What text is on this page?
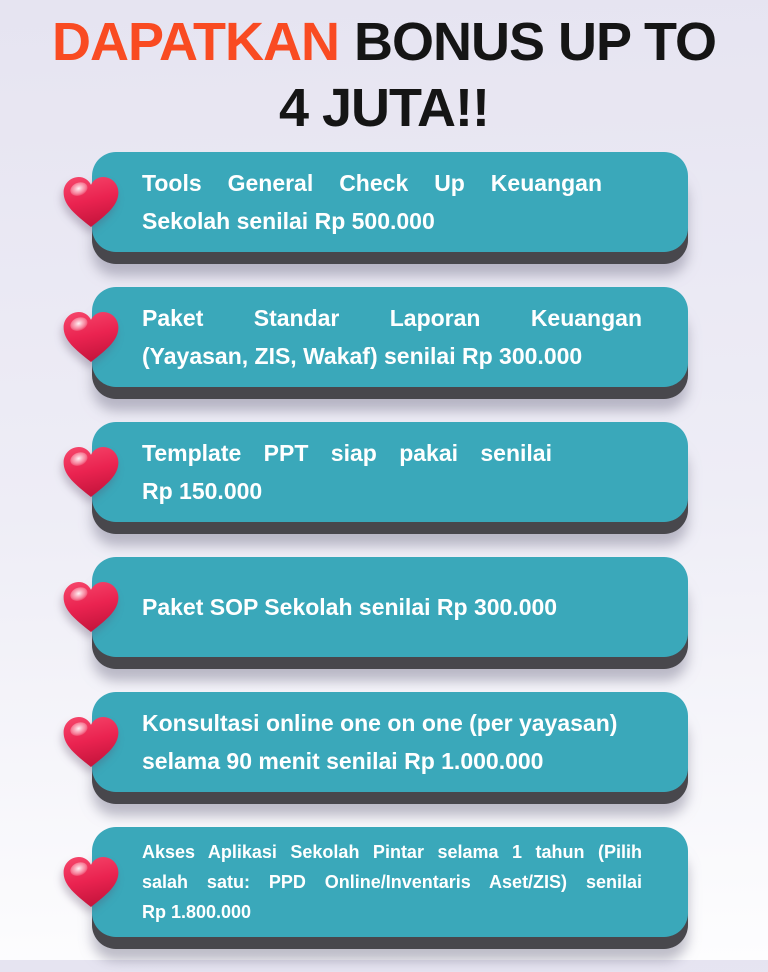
DAPATKAN BONUS UP TO
4 JUTA!!
Tools General Check Up Keuangan
Sekolah senilai Rp 500.000
Paket Standar Laporan Keuangan
(Yayasan, ZIS, Wakaf) senilai Rp 300.000
Template PPT siap pakai senilai
Rp 150.000
Paket SOP Sekolah senilai Rp 300.000
Konsultasi online one on one (per yayasan)
selama 90 menit senilai Rp 1.000.000
Akses Aplikasi Sekolah Pintar selama 1 tahun (Pilih
salah satu: PPD Online/Inventaris Aset/ZIS) senilai
Rp 1.800.000
